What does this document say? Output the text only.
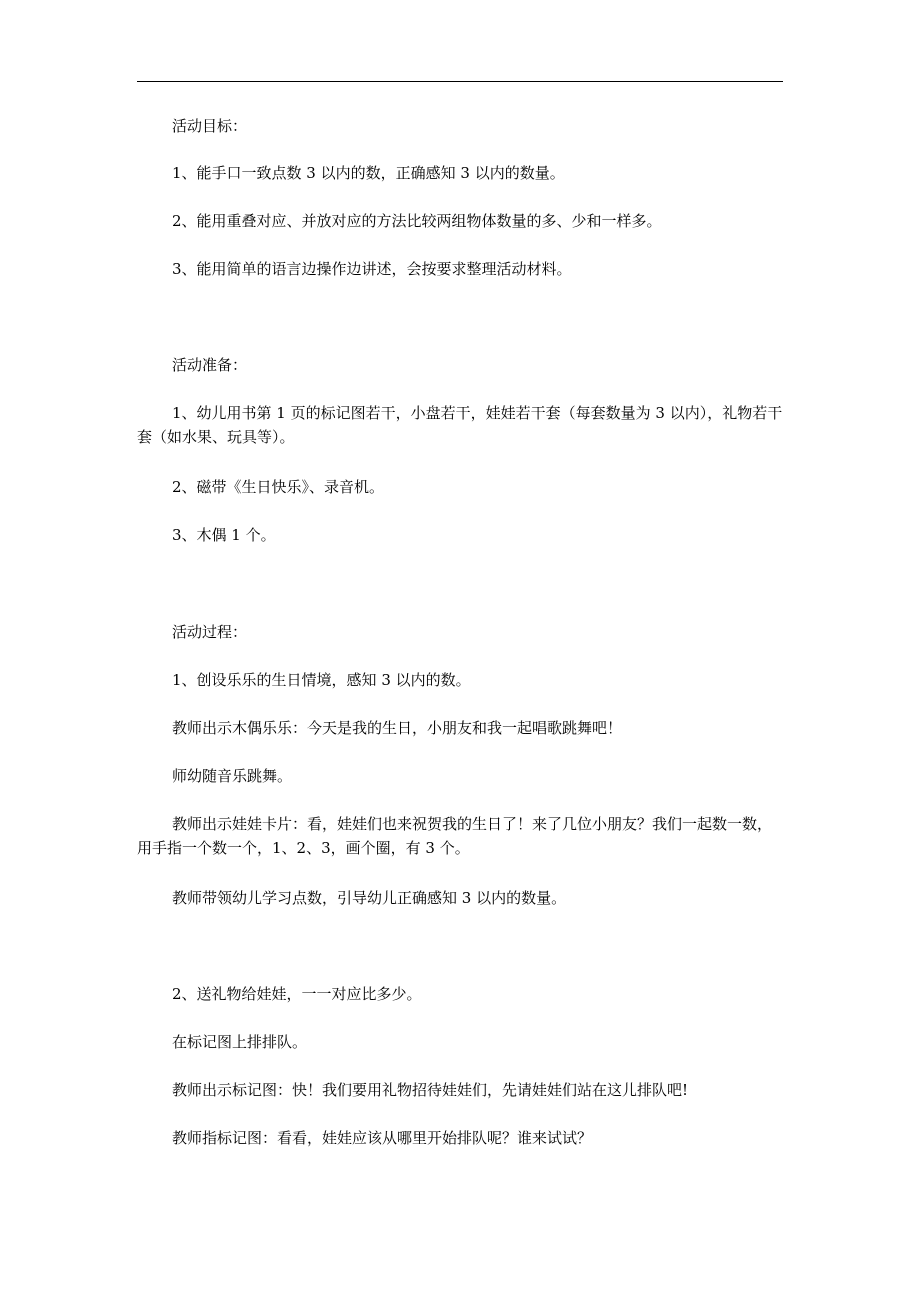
活动目标：

1、能手口一致点数 3 以内的数，正确感知 3 以内的数量。

2、能用重叠对应、并放对应的方法比较两组物体数量的多、少和一样多。

3、能用简单的语言边操作边讲述，会按要求整理活动材料。

活动准备：

1、幼儿用书第 1 页的标记图若干，小盘若干，娃娃若干套（每套数量为 3 以内），礼物若干套（如水果、玩具等）。

2、磁带《生日快乐》、录音机。

3、木偶 1 个。

活动过程：

1、创设乐乐的生日情境，感知 3 以内的数。

教师出示木偶乐乐：今天是我的生日，小朋友和我一起唱歌跳舞吧！

师幼随音乐跳舞。

教师出示娃娃卡片：看，娃娃们也来祝贺我的生日了！来了几位小朋友？我们一起数一数，用手指一个数一个，1、2、3，画个圈，有 3 个。

教师带领幼儿学习点数，引导幼儿正确感知 3 以内的数量。

2、送礼物给娃娃，一一对应比多少。

在标记图上排排队。

教师出示标记图：快！我们要用礼物招待娃娃们，先请娃娃们站在这儿排队吧!

教师指标记图：看看，娃娃应该从哪里开始排队呢？谁来试试？
